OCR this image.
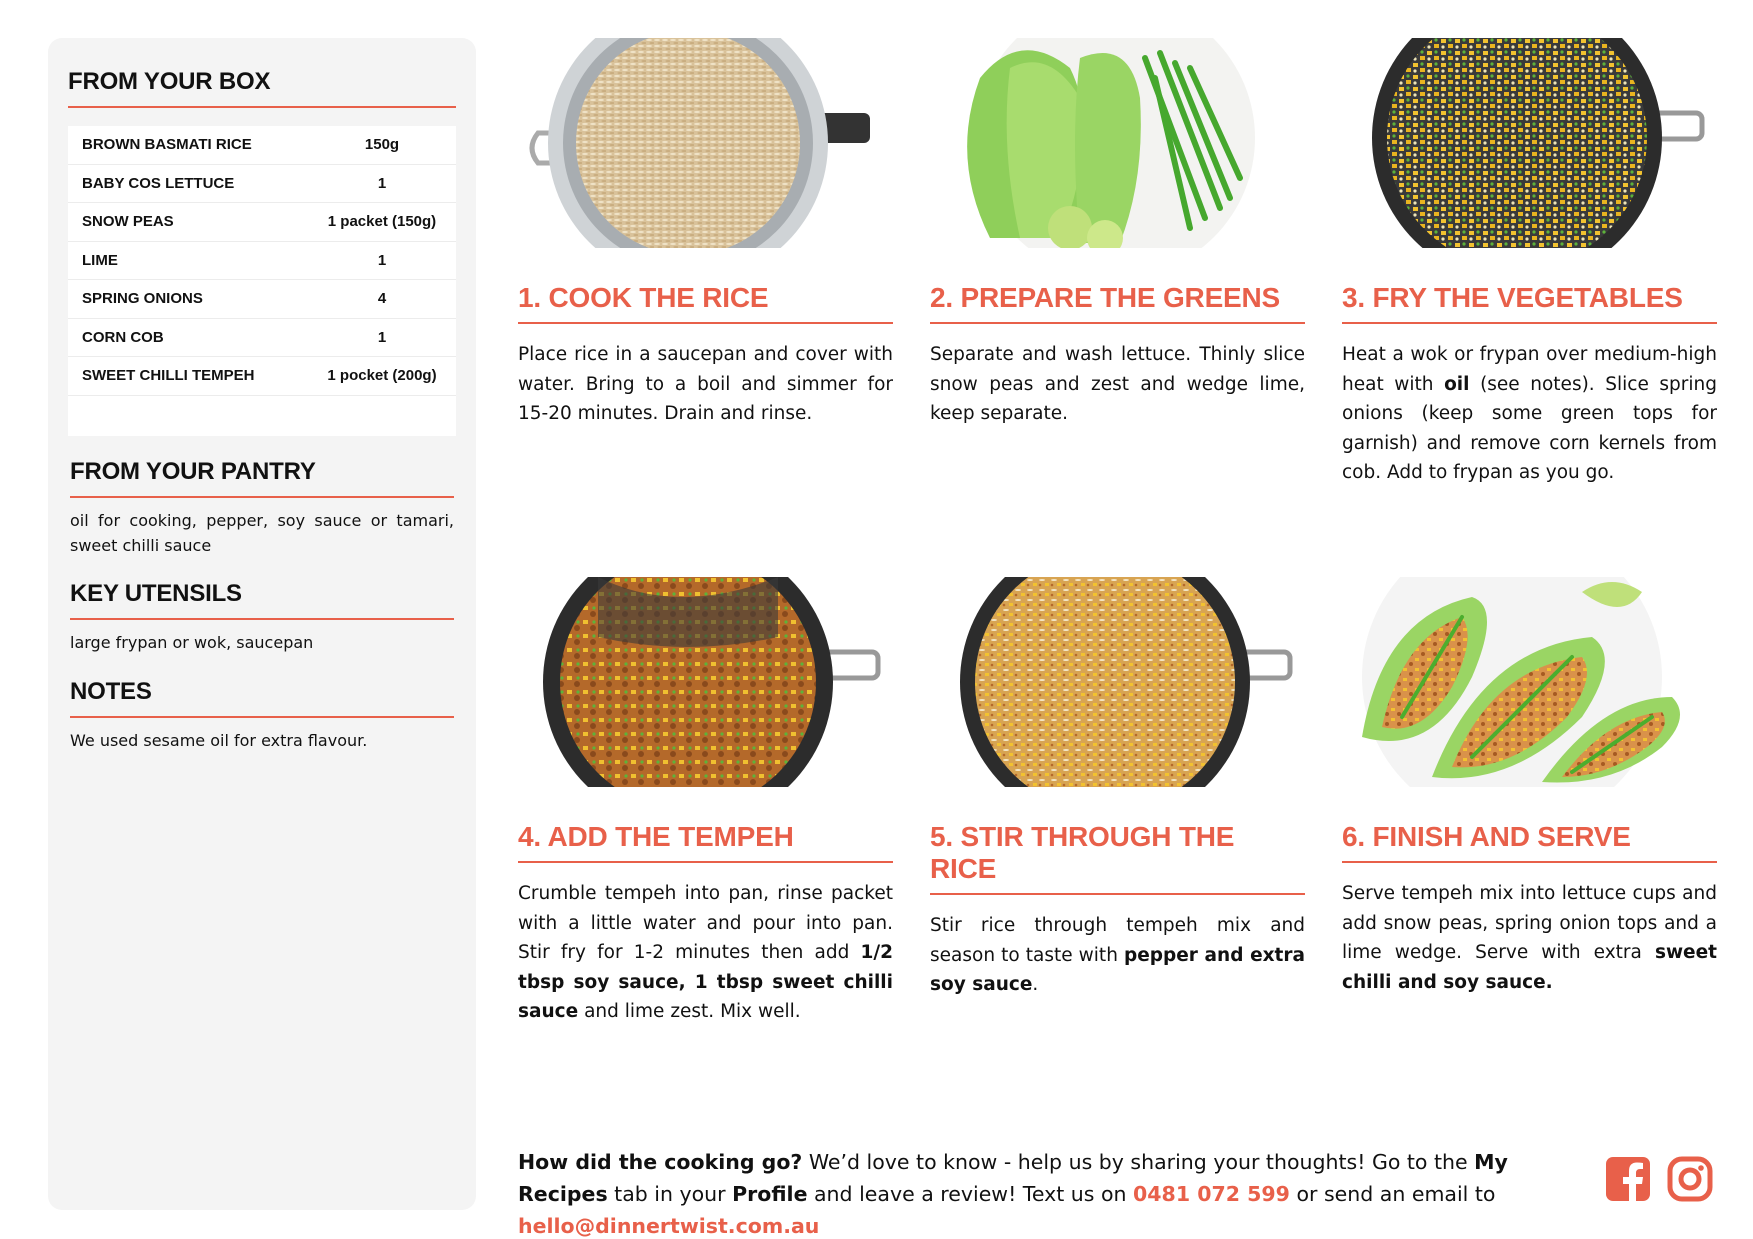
FROM YOUR BOX
BROWN BASMATI RICE	150g
BABY COS LETTUCE	1
SNOW PEAS	1 packet (150g)
LIME	1
SPRING ONIONS	4
CORN COB	1
SWEET CHILLI TEMPEH	1 pocket (200g)
FROM YOUR PANTRY
oil for cooking, pepper, soy sauce or tamari, sweet chilli sauce
KEY UTENSILS
large frypan or wok, saucepan
NOTES
We used sesame oil for extra flavour.
1. COOK THE RICE
Place rice in a saucepan and cover with water. Bring to a boil and simmer for 15-20 minutes. Drain and rinse.
2. PREPARE THE GREENS
Separate and wash lettuce. Thinly slice snow peas and zest and wedge lime, keep separate.
3. FRY THE VEGETABLES
Heat a wok or frypan over medium-high heat with oil (see notes). Slice spring onions (keep some green tops for garnish) and remove corn kernels from cob. Add to frypan as you go.
4. ADD THE TEMPEH
Crumble tempeh into pan, rinse packet with a little water and pour into pan. Stir fry for 1-2 minutes then add 1/2 tbsp soy sauce, 1 tbsp sweet chilli sauce and lime zest. Mix well.
5. STIR THROUGH THE RICE
Stir rice through tempeh mix and season to taste with pepper and extra soy sauce.
6. FINISH AND SERVE
Serve tempeh mix into lettuce cups and add snow peas, spring onion tops and a lime wedge. Serve with extra sweet chilli and soy sauce.
How did the cooking go? We’d love to know - help us by sharing your thoughts! Go to the My Recipes tab in your Profile and leave a review! Text us on 0481 072 599 or send an email to hello@dinnertwist.com.au
